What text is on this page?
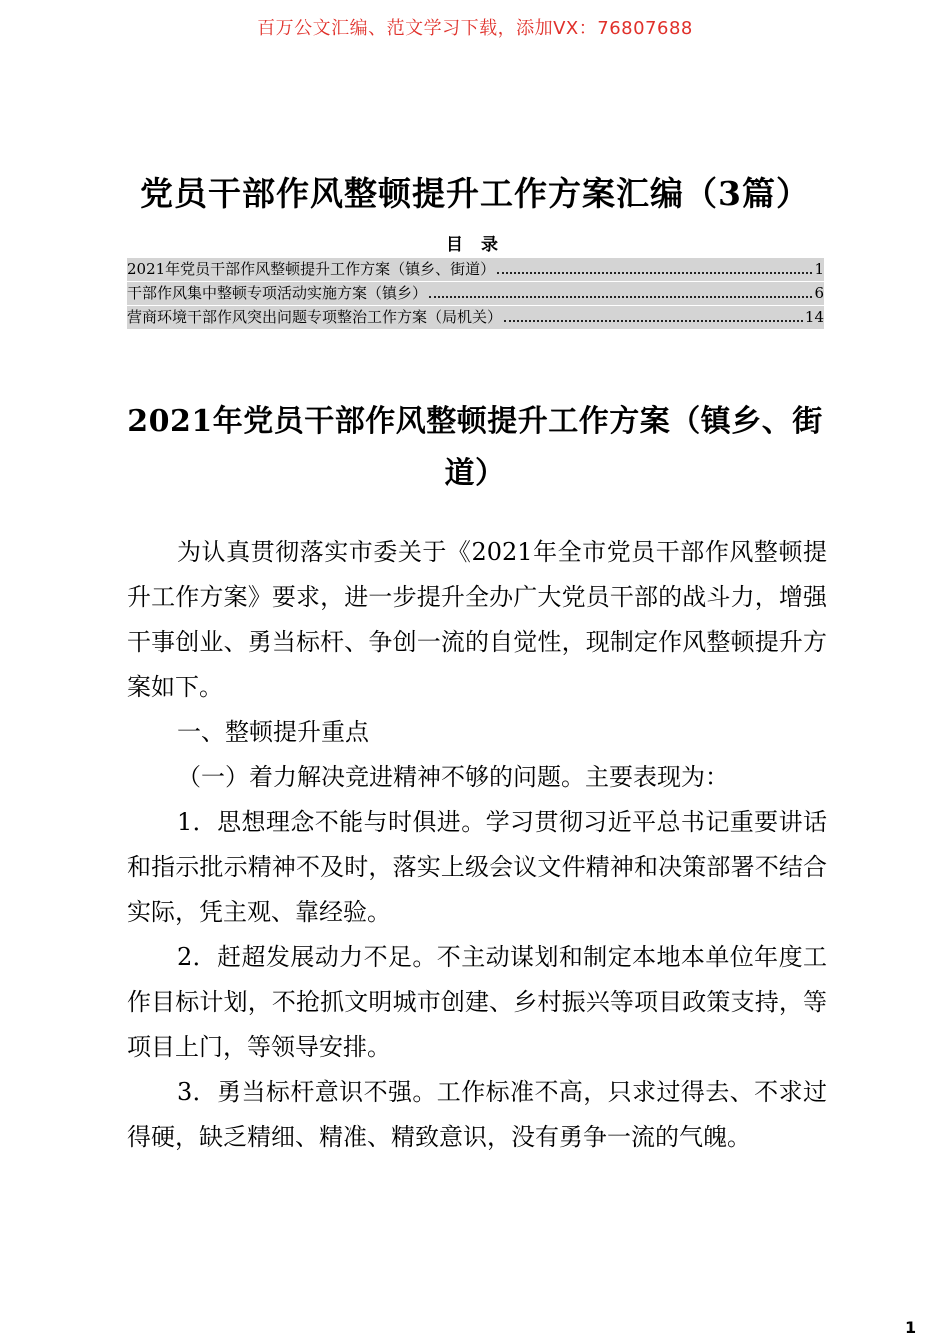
百万公文汇编、范文学习下载，添加VX：76807688
党员干部作风整顿提升工作方案汇编（3篇）
目 录
2021年党员干部作风整顿提升工作方案（镇乡、街道）	1
干部作风集中整顿专项活动实施方案（镇乡）	6
营商环境干部作风突出问题专项整治工作方案（局机关）	14
2021年党员干部作风整顿提升工作方案（镇乡、街道）

为认真贯彻落实市委关于《2021年全市党员干部作风整顿提升工作方案》要求，进一步提升全办广大党员干部的战斗力，增强干事创业、勇当标杆、争创一流的自觉性，现制定作风整顿提升方案如下。

一、整顿提升重点

（一）着力解决竞进精神不够的问题。主要表现为：

1．思想理念不能与时俱进。学习贯彻习近平总书记重要讲话和指示批示精神不及时，落实上级会议文件精神和决策部署不结合实际，凭主观、靠经验。

2．赶超发展动力不足。不主动谋划和制定本地本单位年度工作目标计划，不抢抓文明城市创建、乡村振兴等项目政策支持，等项目上门，等领导安排。

3．勇当标杆意识不强。工作标准不高，只求过得去、不求过得硬，缺乏精细、精准、精致意识，没有勇争一流的气魄。

1
